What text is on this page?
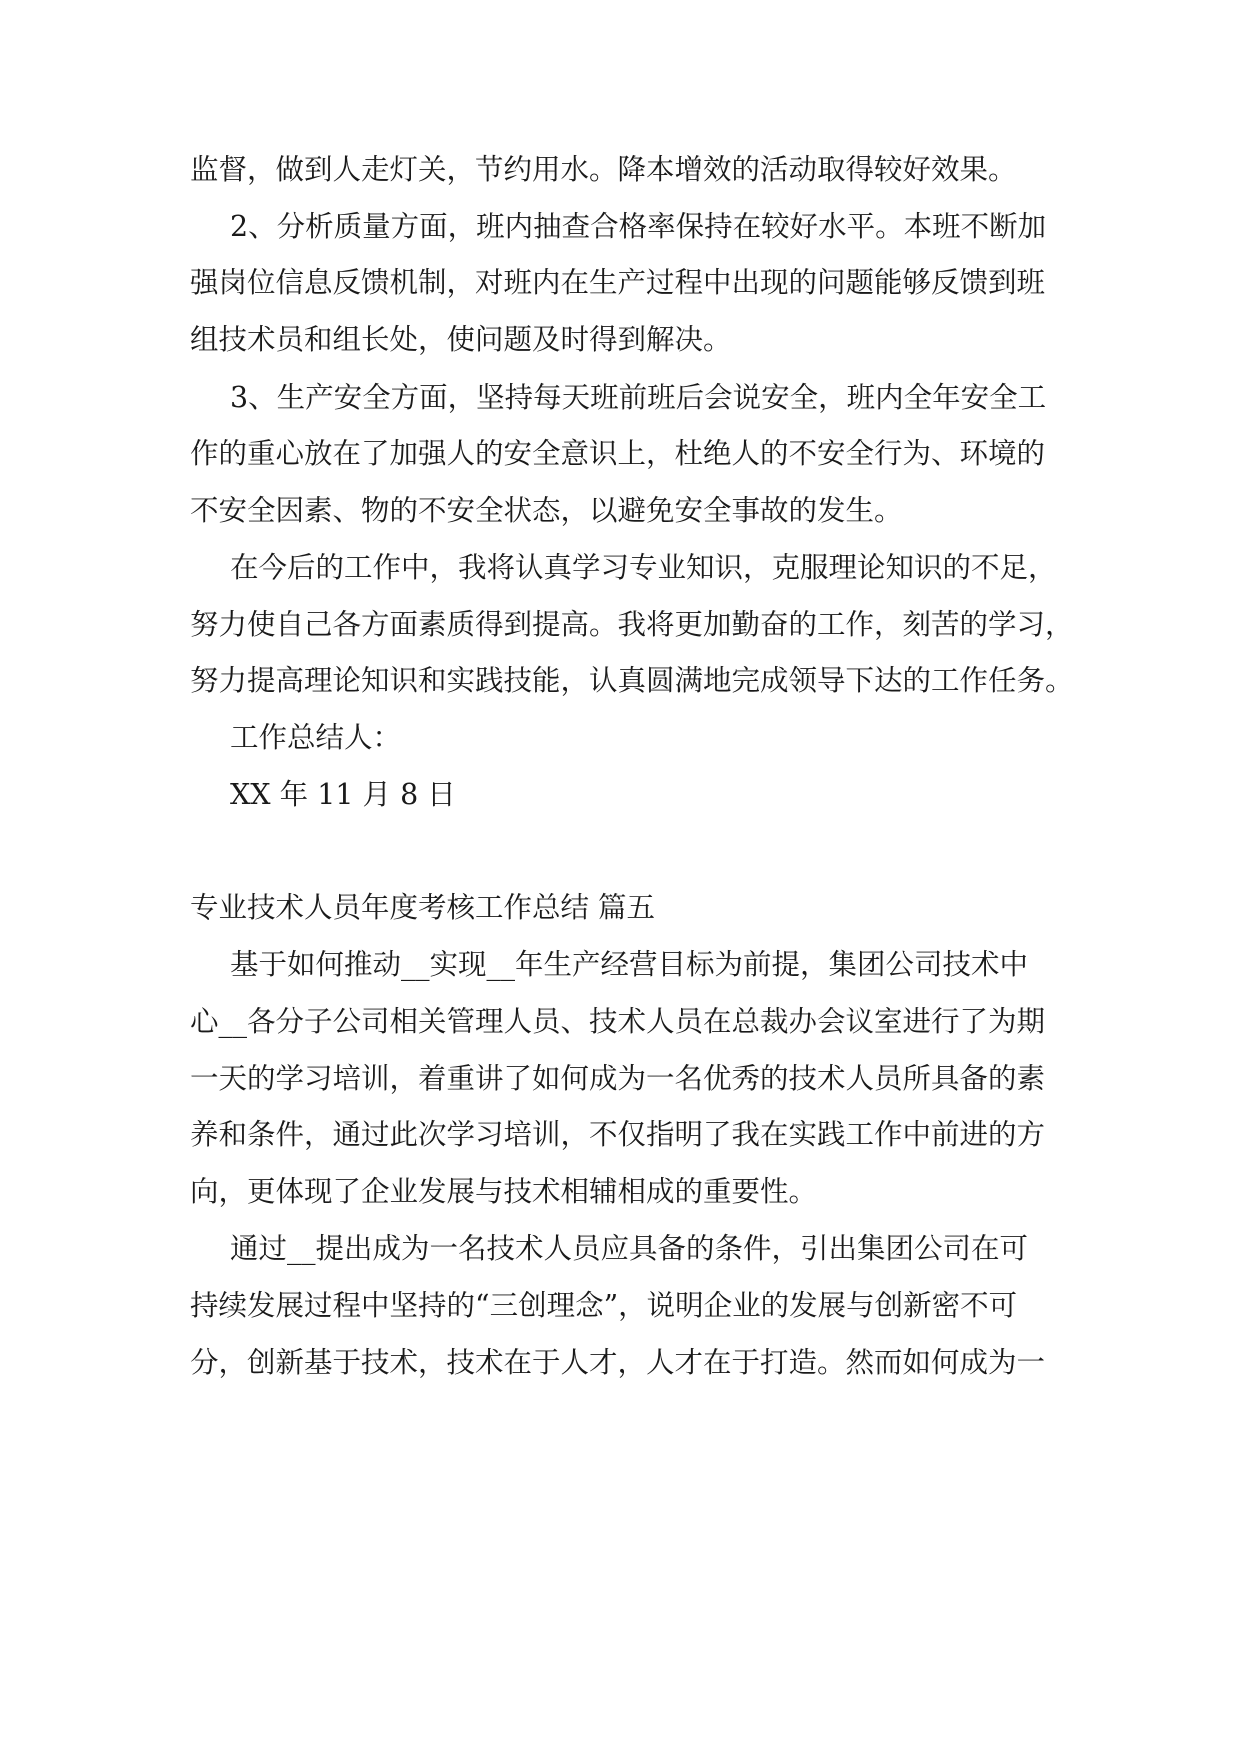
监督，做到人走灯关，节约用水。降本增效的活动取得较好效果。
2、分析质量方面，班内抽查合格率保持在较好水平。本班不断加
强岗位信息反馈机制，对班内在生产过程中出现的问题能够反馈到班
组技术员和组长处，使问题及时得到解决。
3、生产安全方面，坚持每天班前班后会说安全，班内全年安全工
作的重心放在了加强人的安全意识上，杜绝人的不安全行为、环境的
不安全因素、物的不安全状态，以避免安全事故的发生。
在今后的工作中，我将认真学习专业知识，克服理论知识的不足，
努力使自己各方面素质得到提高。我将更加勤奋的工作，刻苦的学习，
努力提高理论知识和实践技能，认真圆满地完成领导下达的工作任务。
工作总结人：
XX 年 11 月 8 日
专业技术人员年度考核工作总结 篇五
基于如何推动__实现__年生产经营目标为前提，集团公司技术中
心__各分子公司相关管理人员、技术人员在总裁办会议室进行了为期
一天的学习培训，着重讲了如何成为一名优秀的技术人员所具备的素
养和条件，通过此次学习培训，不仅指明了我在实践工作中前进的方
向，更体现了企业发展与技术相辅相成的重要性。
通过__提出成为一名技术人员应具备的条件，引出集团公司在可
持续发展过程中坚持的“三创理念”，说明企业的发展与创新密不可
分，创新基于技术，技术在于人才，人才在于打造。然而如何成为一
